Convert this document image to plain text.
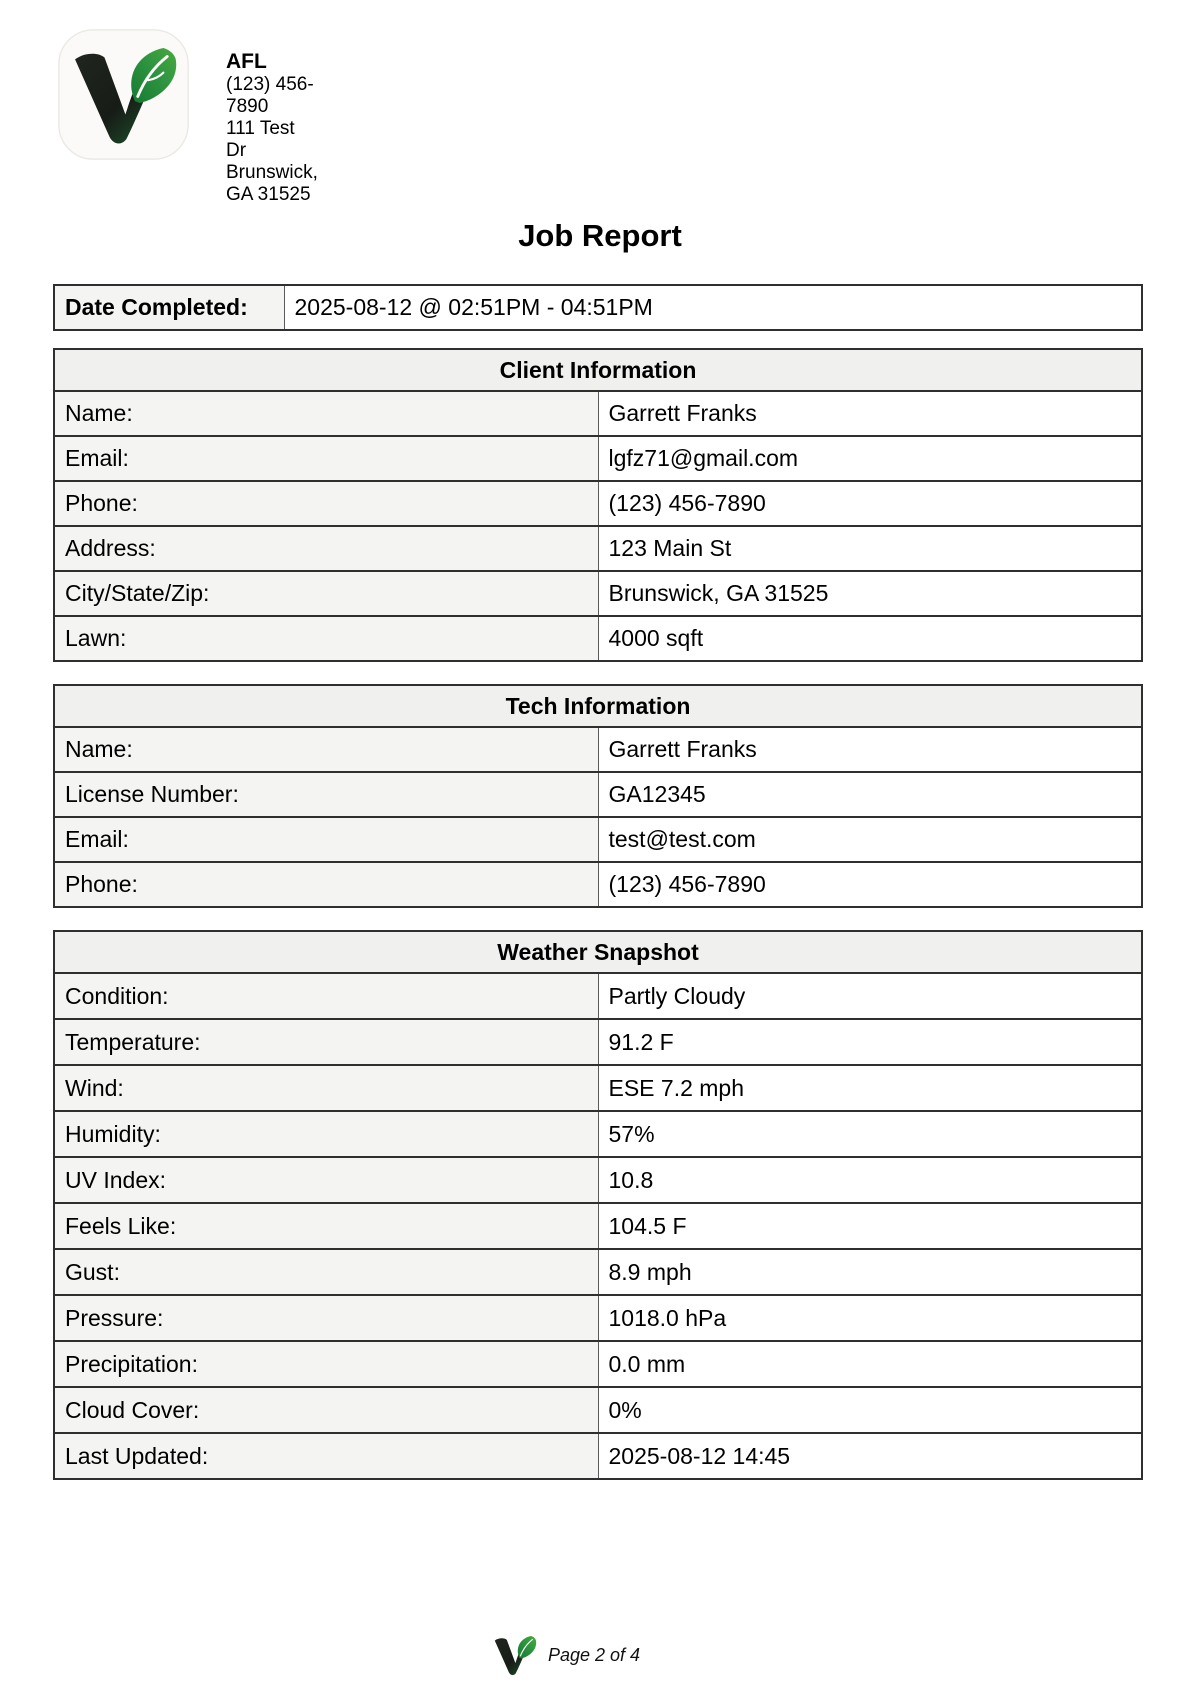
AFL
(123) 456-7890
111 Test Dr
Brunswick, GA 31525
Job Report
Date Completed:	2025-08-12 @ 02:51PM - 04:51PM
Client Information	
Name:	Garrett Franks
Email:	lgfz71@gmail.com
Phone:	(123) 456-7890
Address:	123 Main St
City/State/Zip:	Brunswick, GA 31525
Lawn:	4000 sqft
Tech Information	
Name:	Garrett Franks
License Number:	GA12345
Email:	test@test.com
Phone:	(123) 456-7890
Weather Snapshot	
Condition:	Partly Cloudy
Temperature:	91.2 F
Wind:	ESE 7.2 mph
Humidity:	57%
UV Index:	10.8
Feels Like:	104.5 F
Gust:	8.9 mph
Pressure:	1018.0 hPa
Precipitation:	0.0 mm
Cloud Cover:	0%
Last Updated:	2025-08-12 14:45
Page 2 of 4
